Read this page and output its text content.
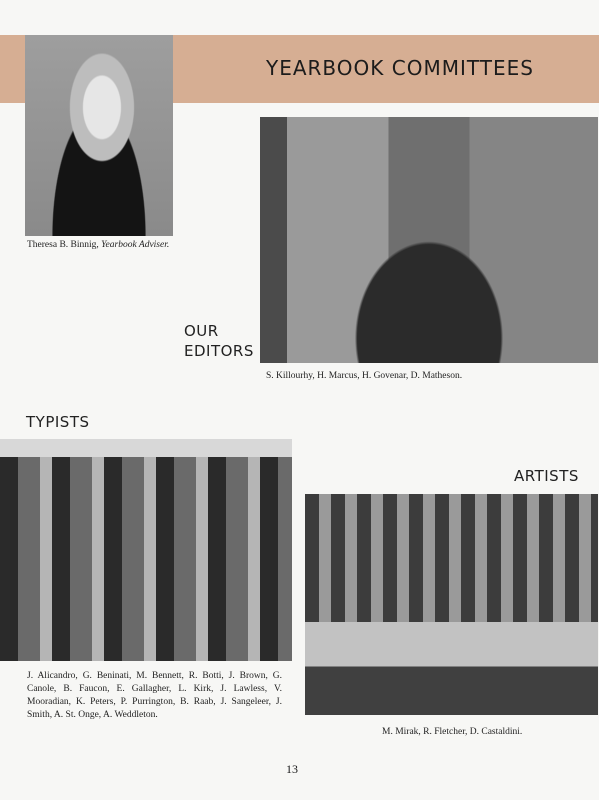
YEARBOOK COMMITTEES
Theresa B. Binnig, Yearbook Adviser.
OUR
EDITORS
S. Killourhy, H. Marcus, H. Govenar, D. Matheson.
TYPISTS
J. Alicandro, G. Beninati, M. Bennett, R. Botti, J. Brown, G. Canole, B. Faucon, E. Gallagher, L. Kirk, J. Lawless, V. Mooradian, K. Peters, P. Purrington, B. Raab, J. Sangeleer, J. Smith, A. St. Onge, A. Weddleton.
ARTISTS
M. Mirak, R. Fletcher, D. Castaldini.
13
